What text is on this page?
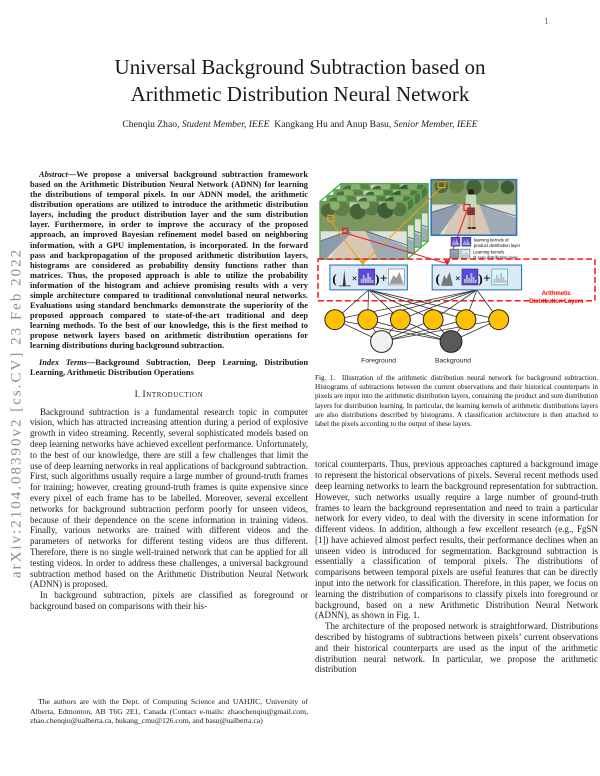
1
arXiv:2104.08390v2 [cs.CV] 23 Feb 2022
Universal Background Subtraction based on
Arithmetic Distribution Neural Network
Chenqiu Zhao, Student Member, IEEE Kangkang Hu and Anup Basu, Senior Member, IEEE

Abstract—We propose a universal background subtraction framework based on the Arithmetic Distribution Neural Network (ADNN) for learning the distributions of temporal pixels. In our ADNN model, the arithmetic distribution operations are utilized to introduce the arithmetic distribution layers, including the product distribution layer and the sum distribution layer. Furthermore, in order to improve the accuracy of the proposed approach, an improved Bayesian refinement model based on neighboring information, with a GPU implementation, is incorporated. In the forward pass and backpropagation of the proposed arithmetic distribution layers, histograms are considered as probability density functions rather than matrices. Thus, the proposed approach is able to utilize the probability information of the histogram and achieve promising results with a very simple architecture compared to traditional convolutional neural networks. Evaluations using standard benchmarks demonstrate the superiority of the proposed approach compared to state-of-the-art traditional and deep learning methods. To the best of our knowledge, this is the first method to propose network layers based on arithmetic distribution operations for learning distributions during background subtraction.

Index Terms—Background Subtraction, Deep Learning, Distribution Learning, Arithmetic Distribution Operations

I. Introduction

Background subtraction is a fundamental research topic in computer vision, which has attracted increasing attention during a period of explosive growth in video streaming. Recently, several sophisticated models based on deep learning networks have achieved excellent performance. Unfortunately, to the best of our knowledge, there are still a few challenges that limit the use of deep learning networks in real applications of background subtraction. First, such algorithms usually require a large number of ground-truth frames for training; however, creating ground-truth frames is quite expensive since every pixel of each frame has to be labelled. Moreover, several excellent networks for background subtraction perform poorly for unseen videos, because of their dependence on the scene information in training videos. Finally, various networks are trained with different videos and the parameters of networks for different testing videos are thus different. Therefore, there is no single well-trained network that can be applied for all testing videos. In order to address these challenges, a universal background subtraction method based on the Arithmetic Distribution Neural Network (ADNN) is proposed.

In background subtraction, pixels are classified as foreground or background based on comparisons with their his-

The authors are with the Dept. of Computing Science and UAHJIC, University of Alberta, Edmonton, AB T6G 2E1, Canada (Contact e-mails: zhaochenqiu@gmail.com, zhao.chenqiu@ualberta.ca, hukang_cmu@126.com, and basu@ualberta.ca)
learning kernels of
product distribution layer
Learning kernels
of sum distribution layer
Arithmetic
Distribution Layers
( × ) +	( × ) +
Foreground	Background
Fig. 1. Illustration of the arithmetic distribution neural network for background subtraction. Histograms of subtractions between the current observations and their historical counterparts in pixels are input into the arithmetic distribution layers, containing the product and sum distribution layers for distribution learning. In particular, the learning kernels of arithmetic distributions layers are also distributions described by histograms. A classification architecture is then attached to label the pixels according to the output of these layers.

torical counterparts. Thus, previous approaches captured a background image to represent the historical observations of pixels. Several recent methods used deep learning networks to learn the background representation for subtraction. However, such networks usually require a large number of ground-truth frames to learn the background representation and need to train a particular network for every video, to deal with the diversity in scene information for different videos. In addition, although a few excellent research (e.g., FgSN [1]) have achieved almost perfect results, their performance declines when an unseen video is introduced for segmentation. Background subtraction is essentially a classification of temporal pixels. The distributions of comparisons between temporal pixels are useful features that can be directly input into the network for classification. Therefore, in this paper, we focus on learning the distribution of comparisons to classify pixels into foreground or background, based on a new Arithmetic Distribution Neural Network (ADNN), as shown in Fig. 1.

The architecture of the proposed network is straightforward. Distributions described by histograms of subtractions between pixels’ current observations and their historical counterparts are used as the input of the arithmetic distribution neural network. In particular, we propose the arithmetic distribution
